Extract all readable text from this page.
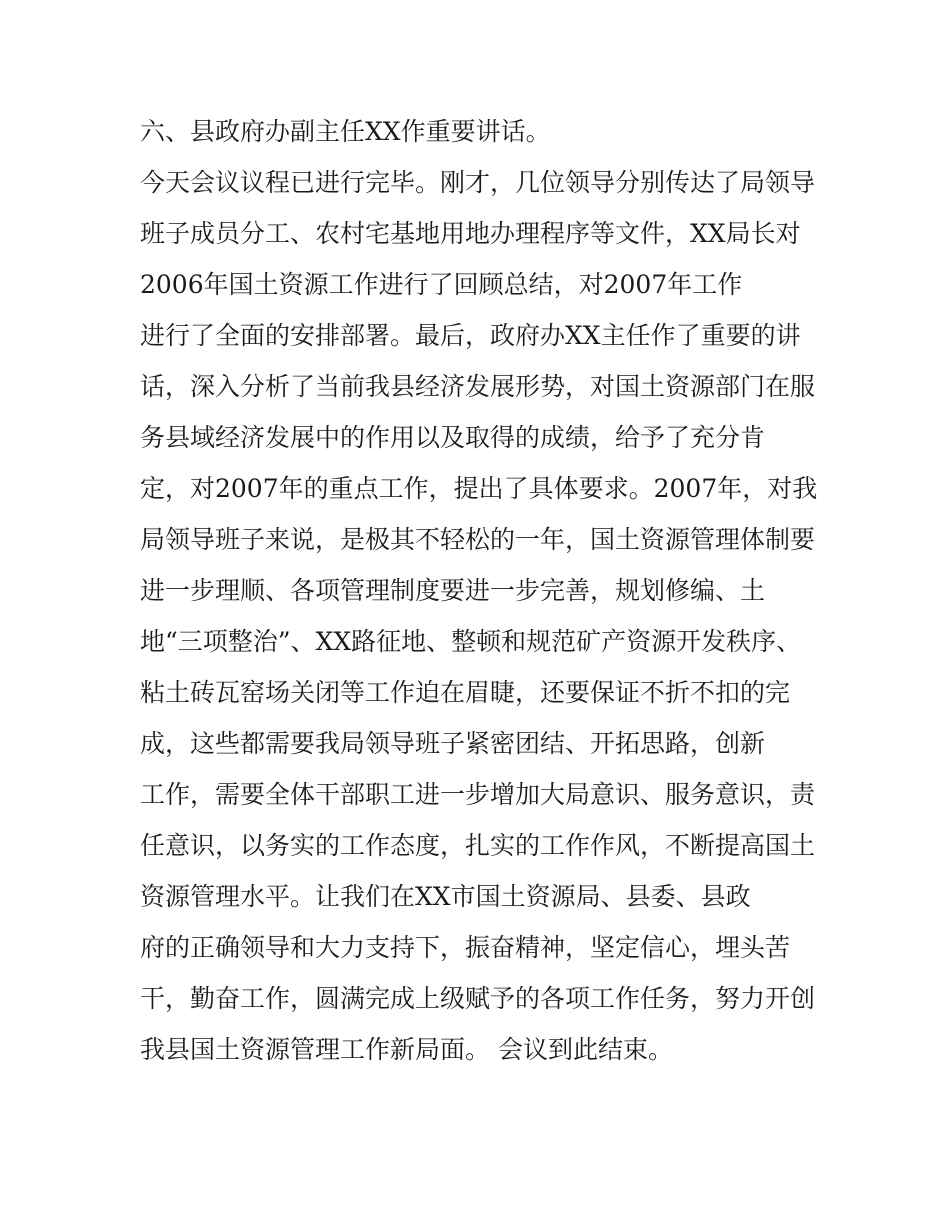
六、县政府办副主任XX作重要讲话。
今天会议议程已进行完毕。刚才，几位领导分别传达了局领导
班子成员分工、农村宅基地用地办理程序等文件，XX局长对
2006年国土资源工作进行了回顾总结，对2007年工作
进行了全面的安排部署。最后，政府办XX主任作了重要的讲
话，深入分析了当前我县经济发展形势，对国土资源部门在服
务县域经济发展中的作用以及取得的成绩，给予了充分肯
定，对2007年的重点工作，提出了具体要求。2007年，对我
局领导班子来说，是极其不轻松的一年，国土资源管理体制要
进一步理顺、各项管理制度要进一步完善，规划修编、土
地“三项整治”、XX路征地、整顿和规范矿产资源开发秩序、
粘土砖瓦窑场关闭等工作迫在眉睫，还要保证不折不扣的完
成，这些都需要我局领导班子紧密团结、开拓思路，创新
工作，需要全体干部职工进一步增加大局意识、服务意识，责
任意识，以务实的工作态度，扎实的工作作风，不断提高国土
资源管理水平。让我们在XX市国土资源局、县委、县政
府的正确领导和大力支持下，振奋精神，坚定信心，埋头苦
干，勤奋工作，圆满完成上级赋予的各项工作任务，努力开创
我县国土资源管理工作新局面。 会议到此结束。
